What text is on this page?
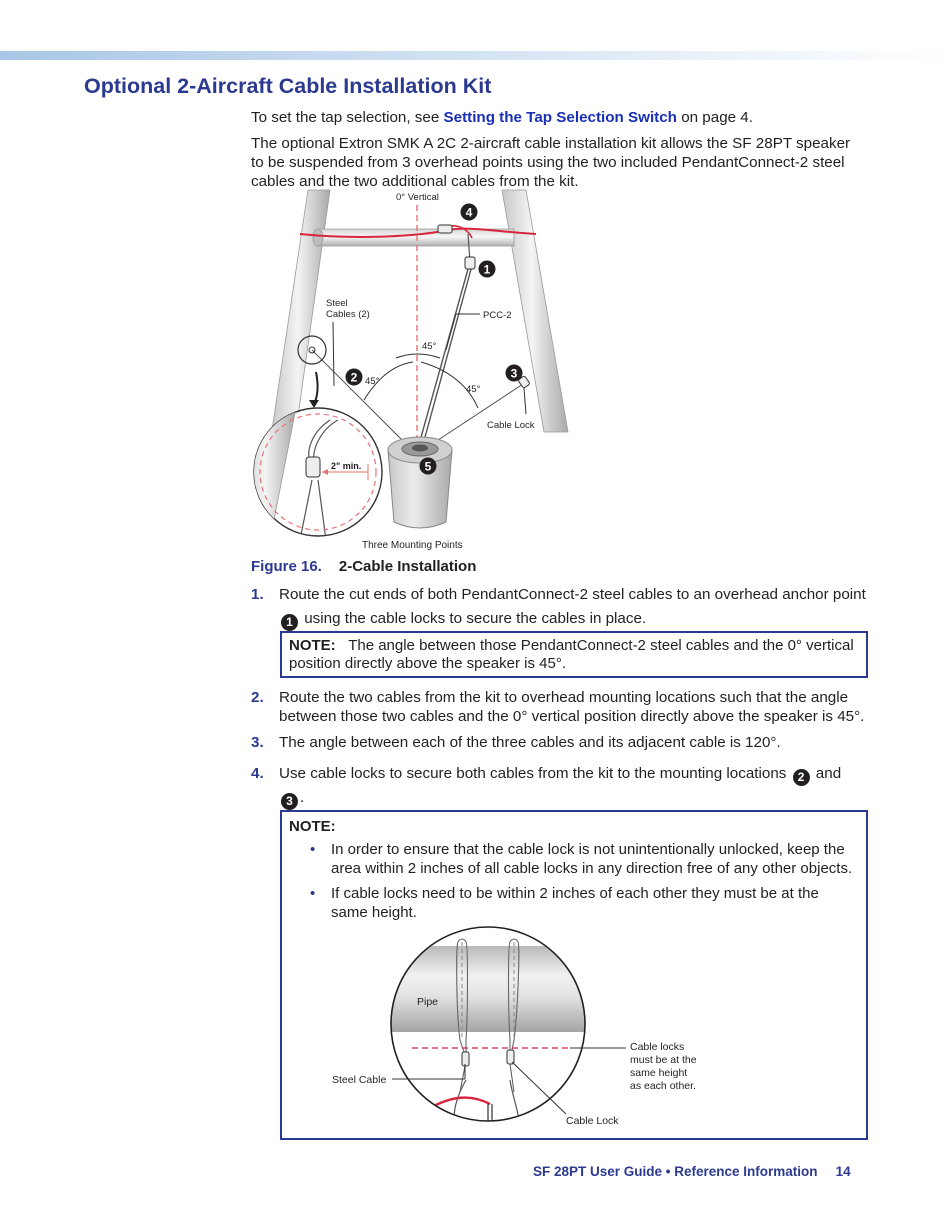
Optional 2-Aircraft Cable Installation Kit

To set the tap selection, see Setting the Tap Selection Switch on page 4.

The optional Extron SMK A 2C 2-aircraft cable installation kit allows the SF 28PT speaker to be suspended from 3 overhead points using the two included PendantConnect-2 steel cables and the two additional cables from the kit.

2" min.
4
1
2	3
5
0° Vertical
Steel
Cables (2)	PCC-2
45°
45°
45°
Cable Lock
Three Mounting Points
Figure 16. 2-Cable Installation
1. Route the cut ends of both PendantConnect-2 steel cables to an overhead anchor point 1 using the cable locks to secure the cables in place.
NOTE: The angle between those PendantConnect-2 steel cables and the 0° vertical position directly above the speaker is 45°.
2. Route the two cables from the kit to overhead mounting locations such that the angle between those two cables and the 0° vertical position directly above the speaker is 45°.
3. The angle between each of the three cables and its adjacent cable is 120°.
4. Use cable locks to secure both cables from the kit to the mounting locations 2 and
3 .
NOTE:
• In order to ensure that the cable lock is not unintentionally unlocked, keep the area within 2 inches of all cable locks in any direction free of any other objects.
• If cable locks need to be within 2 inches of each other they must be at the same height.
Pipe
Steel Cable
Cable Lock
Cable locks
must be at the
same height
as each other.
SF 28PT User Guide • Reference Information 14
